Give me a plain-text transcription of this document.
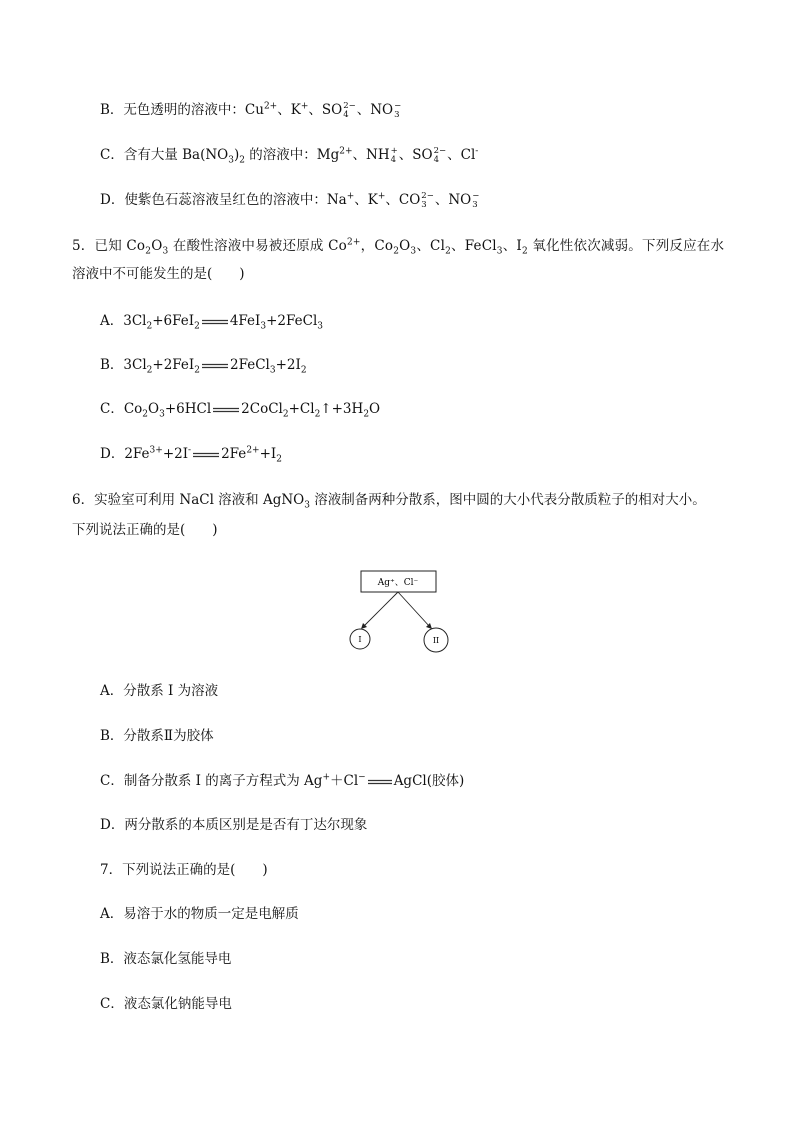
B．无色透明的溶液中：$Cu^{2+}$、K+、SO 2−
4 、NO −
3
C．含有大量 $Ba(NO_3)_2$ 的溶液中：$Mg^{2+}$、NH +
4 、SO 2−
4 、Cl-
D．使紫色石蕊溶液呈红色的溶液中：Na+、K+、CO 2−
3 、NO −
3
5．已知 $Co_2O_3$ 在酸性溶液中易被还原成 $Co^{2+}$，$Co_2O_3$、$Cl_2$、FeCl$_3$、$I_2$ 氧化性依次减弱。下列反应在水
溶液中不可能发生的是(　　)
A．$3Cl_2+6FeI_2$ 4FeI$_3$+2FeCl$_3$
B．$3Cl_2+2FeI_2$ $2FeCl_3+2I_2$
C．$Co_2O_3+6HCl$ $2CoCl_2+Cl_2↑+3H_2O$
D．$2Fe^{3+}+2I^-$ $2Fe^{2+}+I_2$
6．实验室可利用 NaCl 溶液和 AgNO$_3$ 溶液制备两种分散系，图中圆的大小代表分散质粒子的相对大小。
下列说法正确的是(　　)
Ag⁺、Cl⁻
I	II
A．分散系 I 为溶液
B．分散系Ⅱ为胶体
C．制备分散系 I 的离子方程式为 Ag+＋Cl− AgCl(胶体)
D．两分散系的本质区别是是否有丁达尔现象
7．下列说法正确的是(　　)
A．易溶于水的物质一定是电解质
B．液态氯化氢能导电
C．液态氯化钠能导电
